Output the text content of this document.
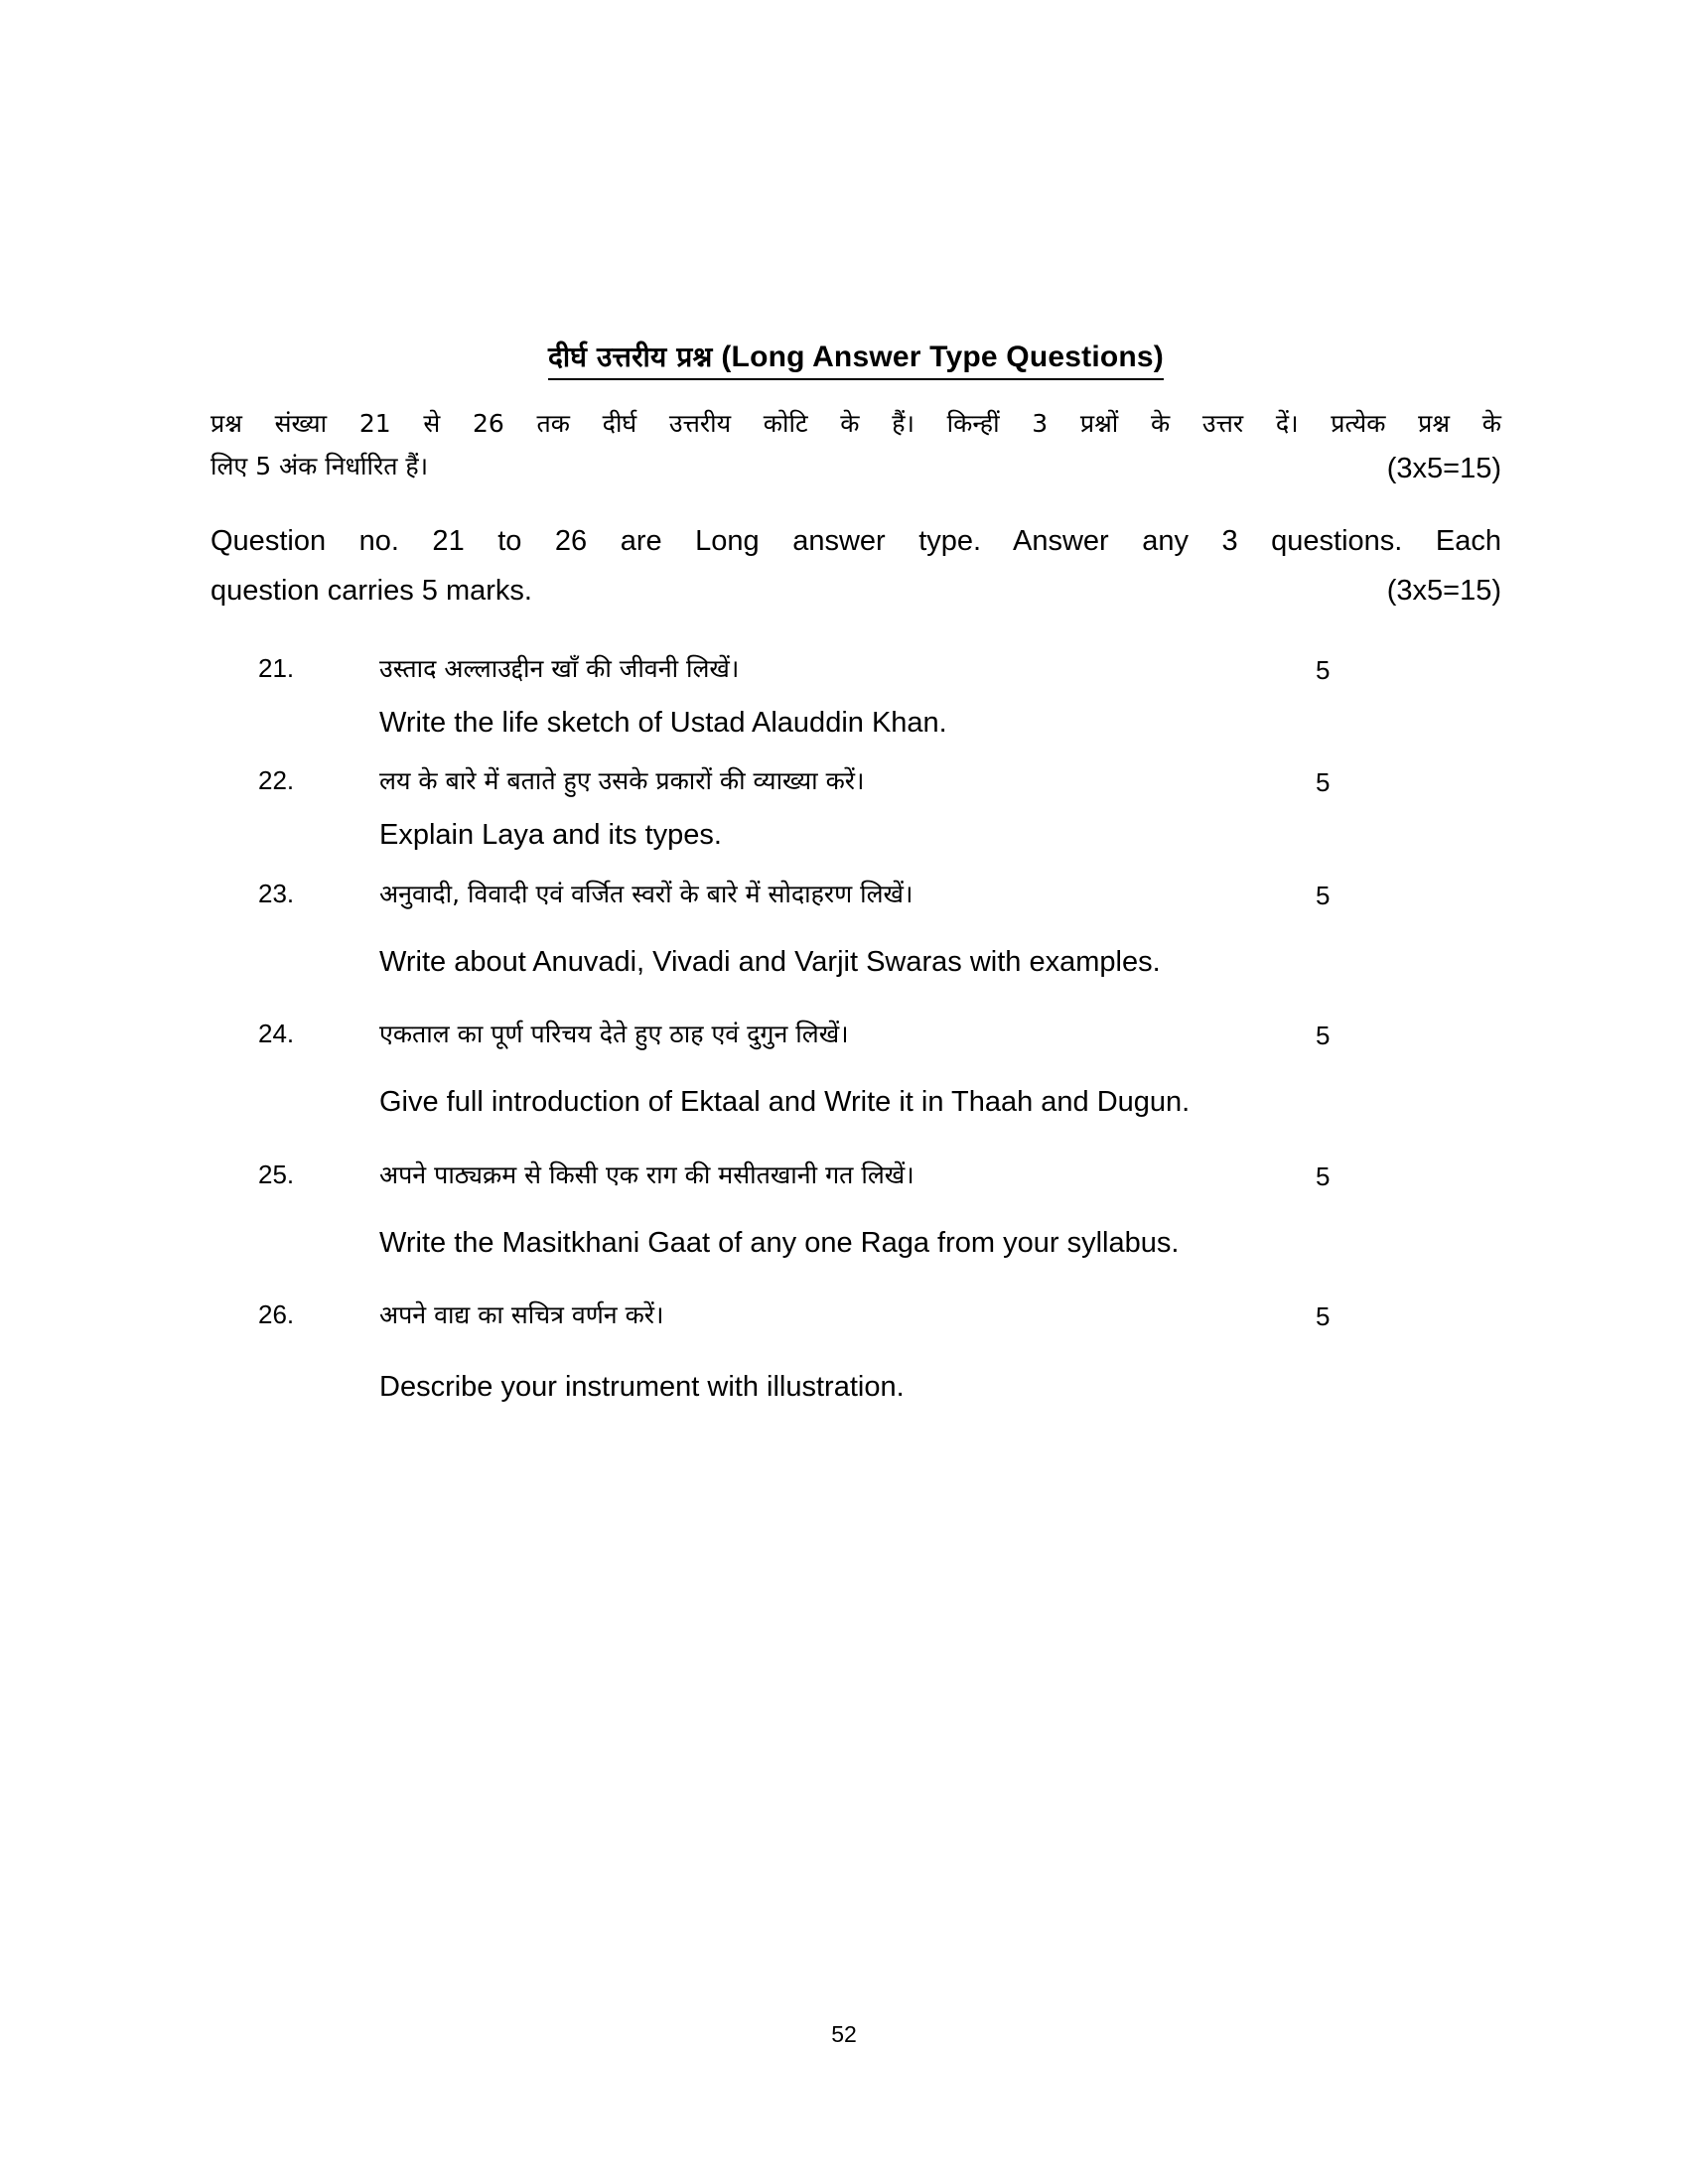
दीर्घ उत्तरीय प्रश्न (Long Answer Type Questions)
प्रश्न संख्या 21 से 26 तक दीर्घ उत्तरीय कोटि के हैं। किन्हीं 3 प्रश्नों के उत्तर दें। प्रत्येक प्रश्न के
लिए 5 अंक निर्धारित हैं।	(3x5=15)
Question no. 21 to 26 are Long answer type. Answer any 3 questions. Each
question carries 5 marks.	(3x5=15)
21.	उस्ताद अल्लाउद्दीन खाँ की जीवनी लिखें।	5
Write the life sketch of Ustad Alauddin Khan.
22.	लय के बारे में बताते हुए उसके प्रकारों की व्याख्या करें।	5
Explain Laya and its types.
23.	अनुवादी, विवादी एवं वर्जित स्वरों के बारे में सोदाहरण लिखें।	5
Write about Anuvadi, Vivadi and Varjit Swaras with examples.
24.	एकताल का पूर्ण परिचय देते हुए ठाह एवं दुगुन लिखें।	5
Give full introduction of Ektaal and Write it in Thaah and Dugun.
25.	अपने पाठ्यक्रम से किसी एक राग की मसीतखानी गत लिखें।	5
Write the Masitkhani Gaat of any one Raga from your syllabus.
26.	अपने वाद्य का सचित्र वर्णन करें।	5
Describe your instrument with illustration.
52
